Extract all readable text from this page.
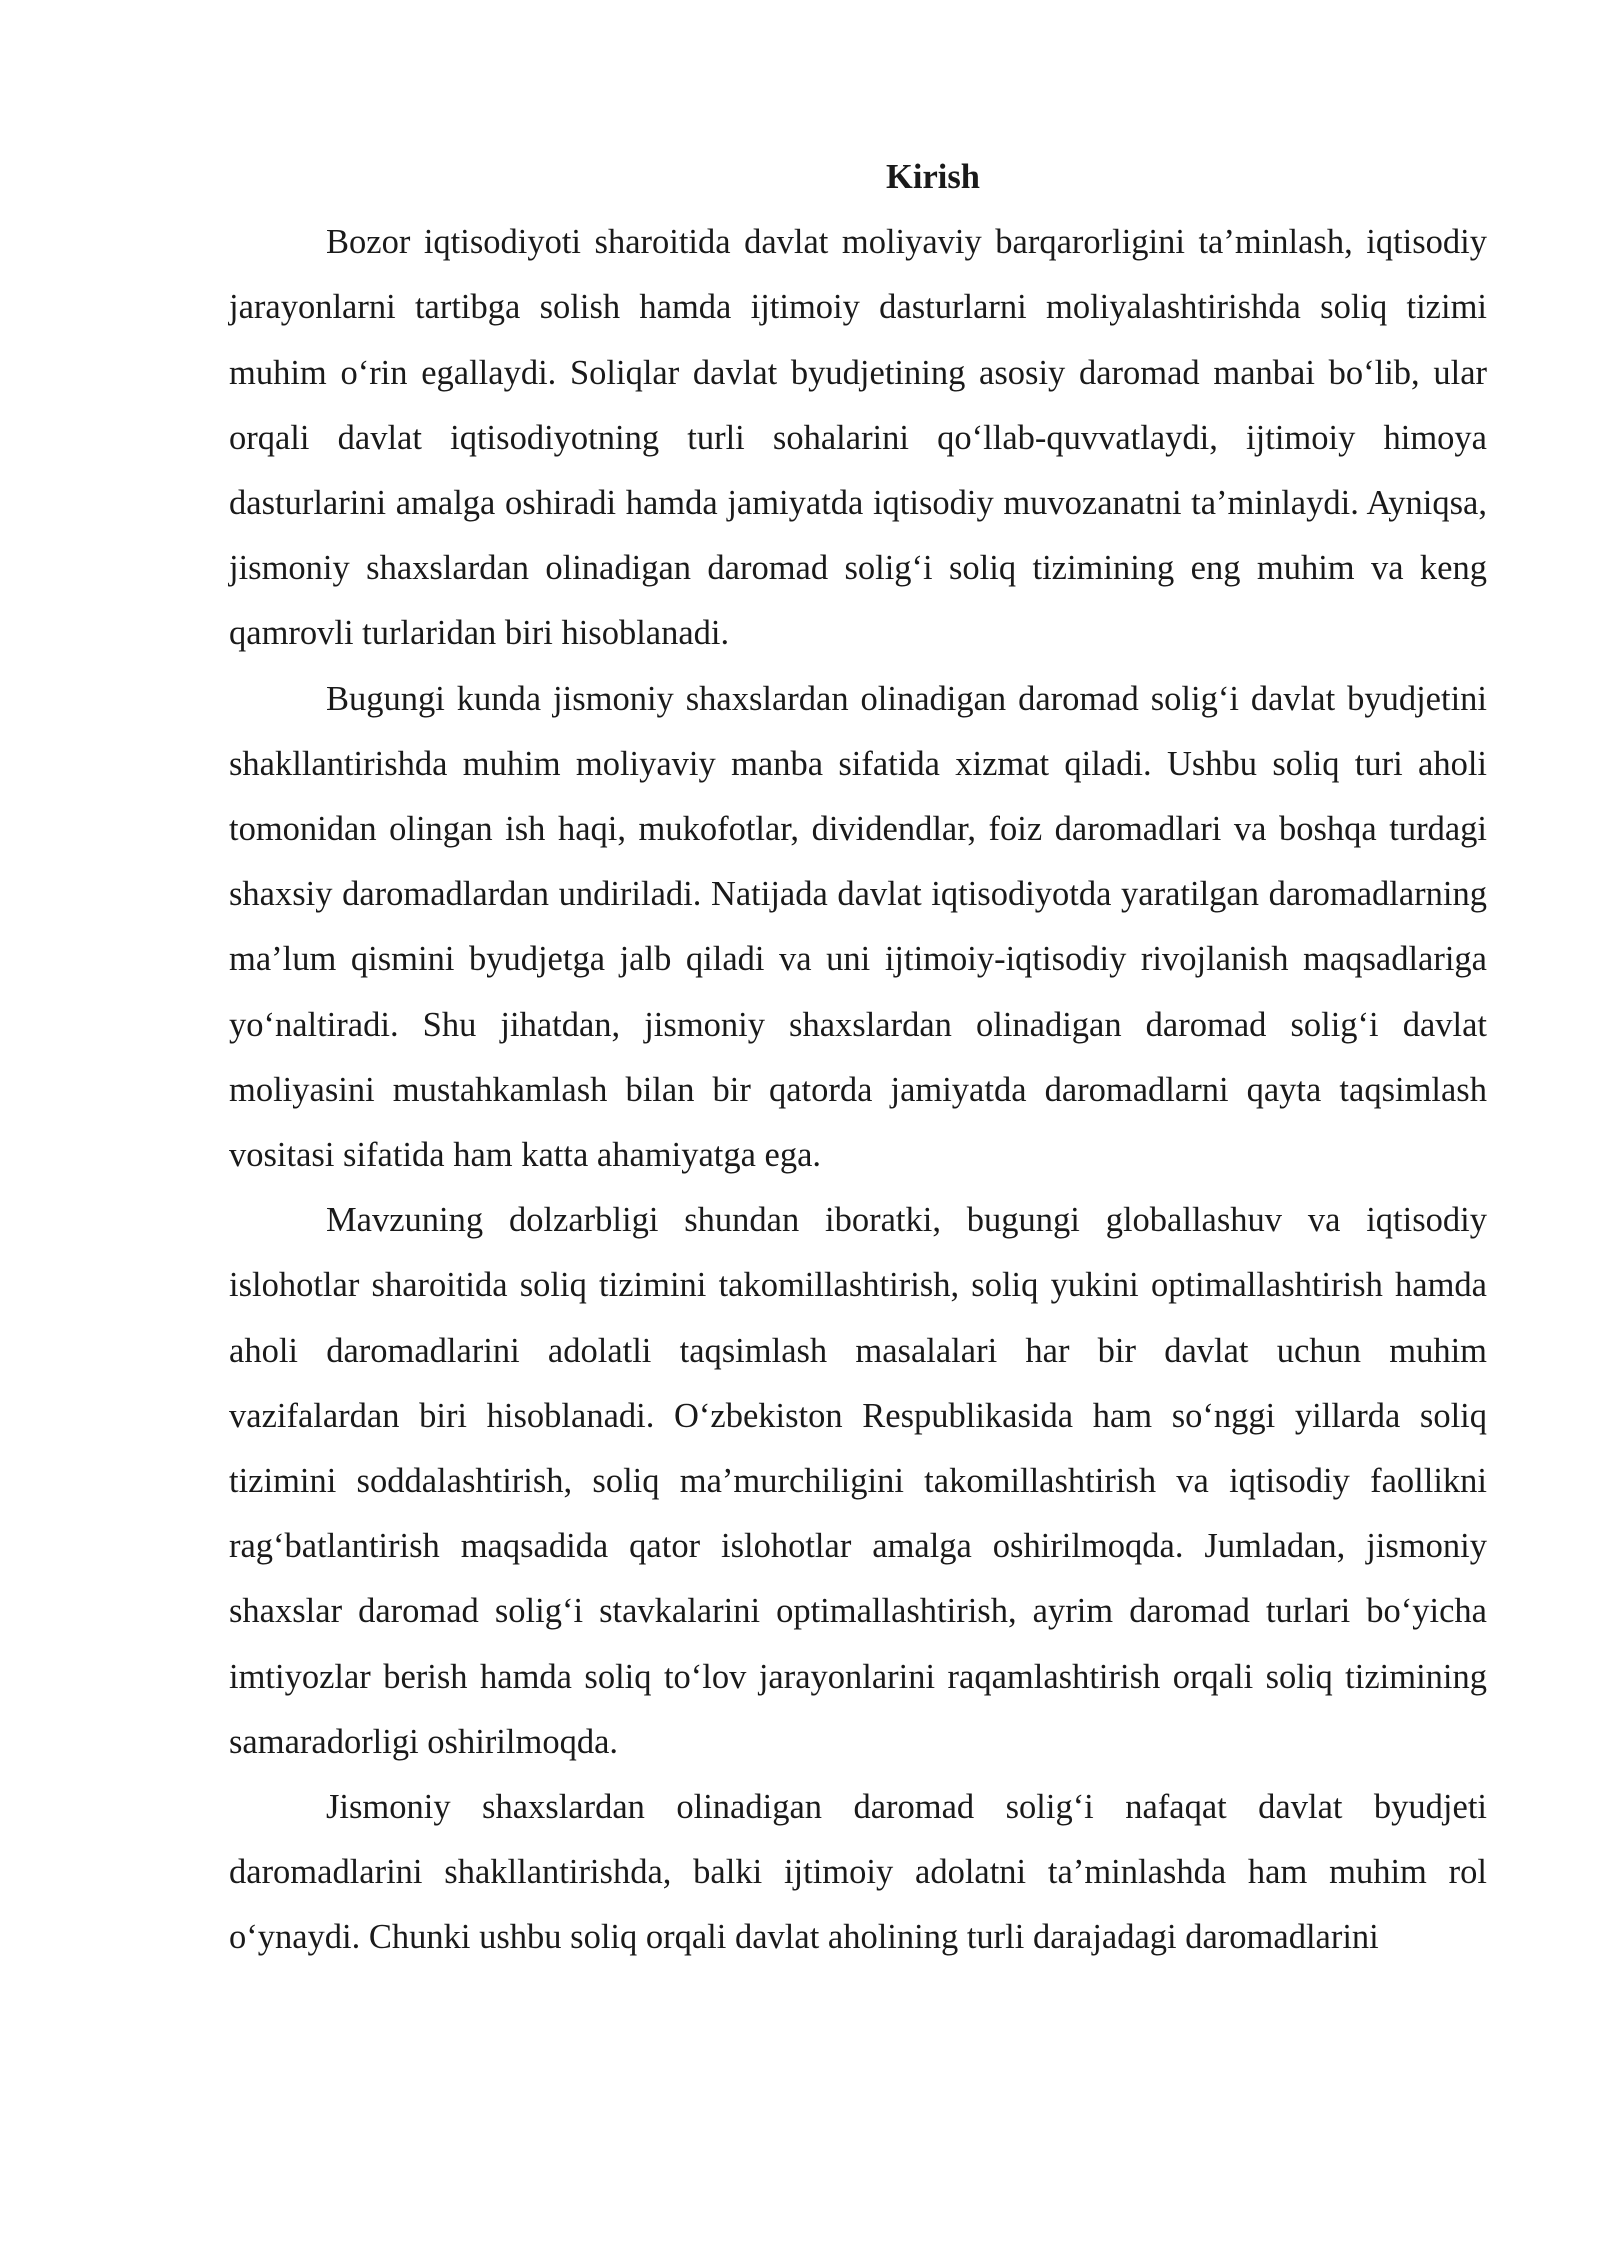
Kirish

Bozor iqtisodiyoti sharoitida davlat moliyaviy barqarorligini ta’minlash, iqtisodiy jarayonlarni tartibga solish hamda ijtimoiy dasturlarni moliyalashtirishda soliq tizimi muhim o‘rin egallaydi. Soliqlar davlat byudjetining asosiy daromad manbai bo‘lib, ular orqali davlat iqtisodiyotning turli sohalarini qo‘llab-quvvatlaydi, ijtimoiy himoya dasturlarini amalga oshiradi hamda jamiyatda iqtisodiy muvozanatni ta’minlaydi. Ayniqsa, jismoniy shaxslardan olinadigan daromad solig‘i soliq tizimining eng muhim va keng qamrovli turlaridan biri hisoblanadi.

Bugungi kunda jismoniy shaxslardan olinadigan daromad solig‘i davlat byudjetini shakllantirishda muhim moliyaviy manba sifatida xizmat qiladi. Ushbu soliq turi aholi tomonidan olingan ish haqi, mukofotlar, dividendlar, foiz daromadlari va boshqa turdagi shaxsiy daromadlardan undiriladi. Natijada davlat iqtisodiyotda yaratilgan daromadlarning ma’lum qismini byudjetga jalb qiladi va uni ijtimoiy-iqtisodiy rivojlanish maqsadlariga yo‘naltiradi. Shu jihatdan, jismoniy shaxslardan olinadigan daromad solig‘i davlat moliyasini mustahkamlash bilan bir qatorda jamiyatda daromadlarni qayta taqsimlash vositasi sifatida ham katta ahamiyatga ega.

Mavzuning dolzarbligi shundan iboratki, bugungi globallashuv va iqtisodiy islohotlar sharoitida soliq tizimini takomillashtirish, soliq yukini optimallashtirish hamda aholi daromadlarini adolatli taqsimlash masalalari har bir davlat uchun muhim vazifalardan biri hisoblanadi. O‘zbekiston Respublikasida ham so‘nggi yillarda soliq tizimini soddalashtirish, soliq ma’murchiligini takomillashtirish va iqtisodiy faollikni rag‘batlantirish maqsadida qator islohotlar amalga oshirilmoqda. Jumladan, jismoniy shaxslar daromad solig‘i stavkalarini optimallashtirish, ayrim daromad turlari bo‘yicha imtiyozlar berish hamda soliq to‘lov jarayonlarini raqamlashtirish orqali soliq tizimining samaradorligi oshirilmoqda.

Jismoniy shaxslardan olinadigan daromad solig‘i nafaqat davlat byudjeti daromadlarini shakllantirishda, balki ijtimoiy adolatni ta’minlashda ham muhim rol o‘ynaydi. Chunki ushbu soliq orqali davlat aholining turli darajadagi daromadlarini
